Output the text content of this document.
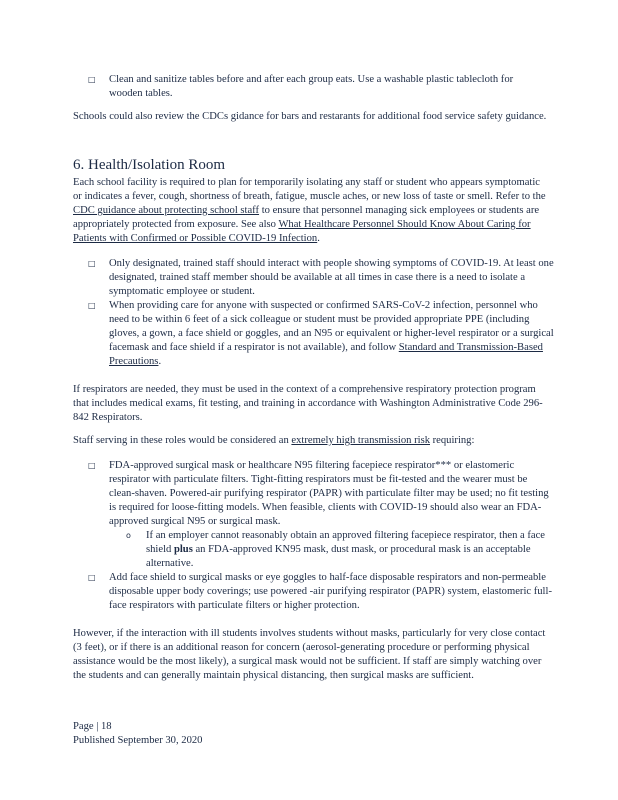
□ Clean and sanitize tables before and after each group eats. Use a washable plastic tablecloth for wooden tables.

Schools could also review the CDCs gidance for bars and restarants for additional food service safety guidance.

6. Health/Isolation Room

Each school facility is required to plan for temporarily isolating any staff or student who appears symptomatic or indicates a fever, cough, shortness of breath, fatigue, muscle aches, or new loss of taste or smell. Refer to the CDC guidance about protecting school staff to ensure that personnel managing sick employees or students are appropriately protected from exposure. See also What Healthcare Personnel Should Know About Caring for Patients with Confirmed or Possible COVID-19 Infection.

□ Only designated, trained staff should interact with people showing symptoms of COVID-19. At least one designated, trained staff member should be available at all times in case there is a need to isolate a symptomatic employee or student.

□ When providing care for anyone with suspected or confirmed SARS-CoV-2 infection, personnel who need to be within 6 feet of a sick colleague or student must be provided appropriate PPE (including gloves, a gown, a face shield or goggles, and an N95 or equivalent or higher-level respirator or a surgical facemask and face shield if a respirator is not available), and follow Standard and Transmission-Based Precautions.

If respirators are needed, they must be used in the context of a comprehensive respiratory protection program that includes medical exams, fit testing, and training in accordance with Washington Administrative Code 296-842 Respirators.

Staff serving in these roles would be considered an extremely high transmission risk requiring:

□ FDA-approved surgical mask or healthcare N95 filtering facepiece respirator*** or elastomeric respirator with particulate filters. Tight-fitting respirators must be fit-tested and the wearer must be clean-shaven. Powered-air purifying respirator (PAPR) with particulate filter may be used; no fit testing is required for loose-fitting models. When feasible, clients with COVID-19 should also wear an FDA-approved surgical N95 or surgical mask.

o If an employer cannot reasonably obtain an approved filtering facepiece respirator, then a face shield plus an FDA-approved KN95 mask, dust mask, or procedural mask is an acceptable alternative.

□ Add face shield to surgical masks or eye goggles to half-face disposable respirators and non-permeable disposable upper body coverings; use powered -air purifying respirator (PAPR) system, elastomeric full-face respirators with particulate filters or higher protection.

However, if the interaction with ill students involves students without masks, particularly for very close contact (3 feet), or if there is an additional reason for concern (aerosol-generating procedure or performing physical assistance would be the most likely), a surgical mask would not be sufficient. If staff are simply watching over the students and can generally maintain physical distancing, then surgical masks are sufficient.

Page | 18
Published September 30, 2020
